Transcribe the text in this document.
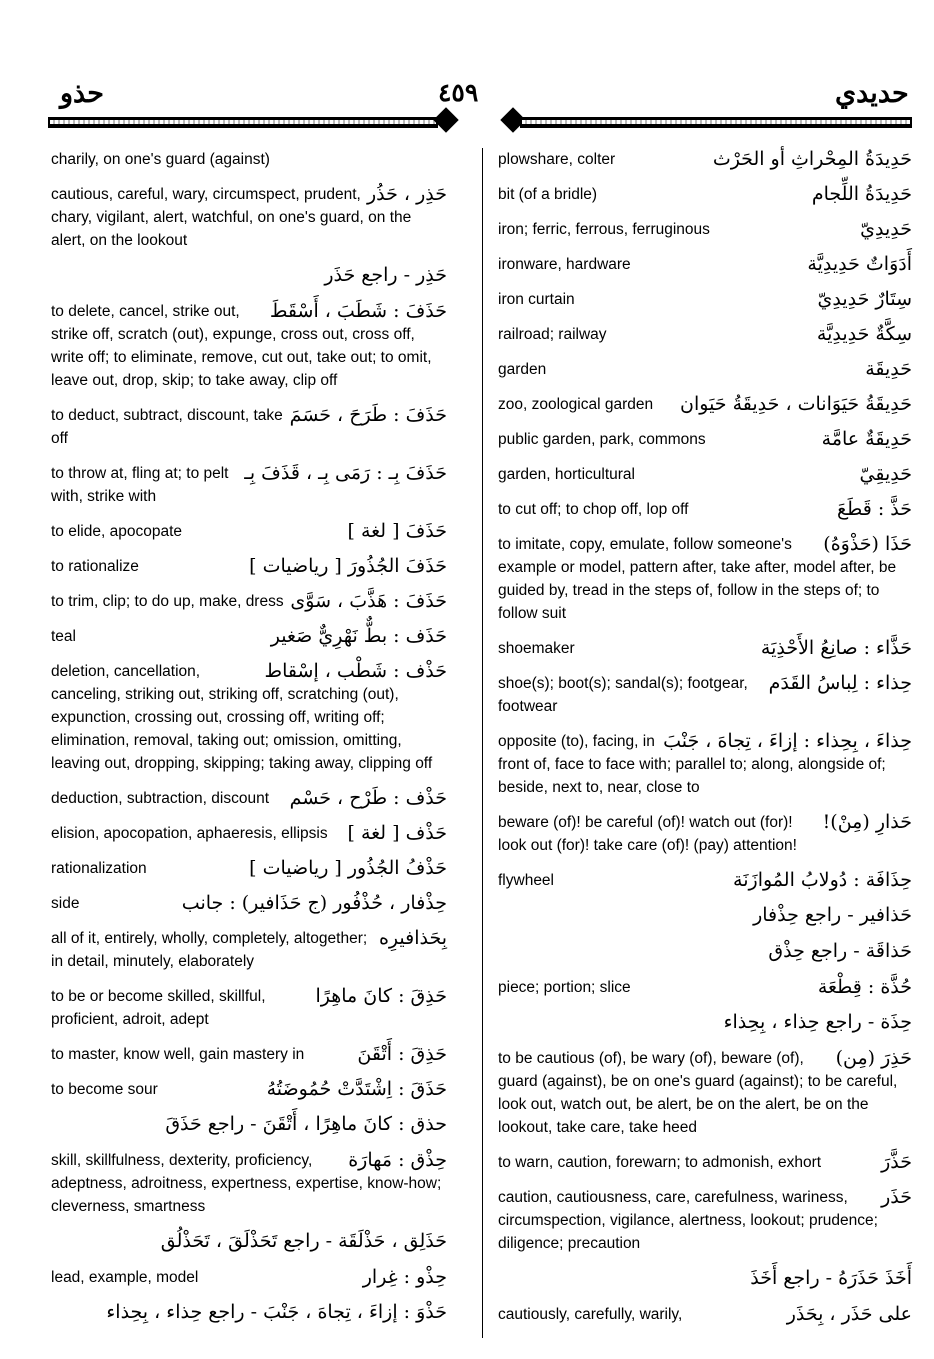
حذو	٤٥٩	حديدي
charily, on one's guard (against)
حَذِر ، حَذُر
cautious, careful, wary, circumspect, prudent, chary, vigilant, alert, watchful, on one's guard, on the alert, on the lookout
حَذِر - راجع حَذَر
حَذَفَ : شَطَبَ ، أَسْقَطَ
to delete, cancel, strike out, strike off, scratch (out), expunge, cross out, cross off, write off; to eliminate, remove, cut out, take out; to omit, leave out, drop, skip; to take away, clip off
حَذَفَ : طَرَحَ ، حَسَمَ
to deduct, subtract, discount, take off
حَذَفَ بِـ : رَمَى بِـ ، قَذَفَ بِـ
to throw at, fling at; to pelt with, strike with
حَذَفَ [ لغة ]
to elide, apocopate
حَذَفَ الجُذُورَ [ رياضيات ]
to rationalize
حَذَفَ : هَذَّبَ ، سَوَّى
to trim, clip; to do up, make, dress
حَذَف : بطٌّ نَهْرِيٌّ صَغير
teal
حَذْف : شَطْب ، إسْقاط
deletion, cancellation, canceling, striking out, striking off, scratching (out), expunction, crossing out, crossing off, writing off; elimination, removal, taking out; omission, omitting, leaving out, dropping, skipping; taking away, clipping off
حَذْف : طَرْح ، حَسْم
deduction, subtraction, discount
حَذْف [ لغة ]
elision, apocopation, aphaeresis, ellipsis
حَذْفُ الجُذُور [ رياضيات ]
rationalization
حِذْفار ، حُذْفُور (ج حَذَافير) : جانب
side
بِحَذافيرِه
all of it, entirely, wholly, completely, altogether; in detail, minutely, elaborately
حَذِقَ : كانَ ماهِرًا
to be or become skilled, skillful, proficient, adroit, adept
حَذِقَ : أَتْقَنَ
to master, know well, gain mastery in
حَذَقَ : اِشْتَدَّتْ حُمُوضَتُهُ
to become sour
حذق : كانَ ماهِرًا ، أَتْقَنَ - راجع حَذَقَ
حِذْق : مَهارَة
skill, skillfulness, dexterity, proficiency, adeptness, adroitness, expertness, expertise, know-how; cleverness, smartness
حَذَلِق ، حَذْلَقَة - راجع تَحَذْلَقَ ، تَحَذْلُق
حِذْو : غِرار
lead, example, model
حَذْوَ : إزاءَ ، تِجاهَ ، جَنْبَ - راجع حِذاء ، بِحِذاء
حَدِيدَةُ المِحْراثِ أو الحَرْث
plowshare, colter
حَدِيدَةُ اللِّجام
bit (of a bridle)
حَدِيدِيّ
iron; ferric, ferrous, ferruginous
أَدَوَاتٌ حَدِيدِيَّة
ironware, hardware
سِتَارٌ حَدِيدِيّ
iron curtain
سِكَّةٌ حَدِيدِيَّة
railroad; railway
حَدِيقَة
garden
حَدِيقَةُ حَيَوَانات ، حَدِيقَةُ حَيَوان
zoo, zoological garden
حَدِيقَةٌ عامَّة
public garden, park, commons
حَدِيقِيّ
garden, horticultural
حَذَّ : قَطَعَ
to cut off; to chop off, lop off
حَذَا (حَذْوَهُ)
to imitate, copy, emulate, follow someone's example or model, pattern after, take after, model after, be guided by, tread in the steps of, follow in the steps of; to follow suit
حَذَّاء : صانِعُ الأَحْذِيَة
shoemaker
حِذاء : لِباسُ القَدَم
shoe(s); boot(s); sandal(s); footgear, footwear
حِذاءَ ، بِحِذاء : إزاءَ ، تِجاهَ ، جَنْبَ
opposite (to), facing, in front of, face to face with; parallel to; along, alongside of; beside, next to, near, close to
حَذارِ (مِنْ)!
beware (of)! be careful (of)! watch out (for)! look out (for)! take care (of)! (pay) attention!
حِذَافَة : دُولابُ المُوازَنَة
flywheel
حَذافير - راجع حِذْفار
حَذاقَة - راجع حِذْق
حُذَّة : قِطْعَة
piece; portion; slice
حِذَة - راجع حِذاء ، بِحِذاء
حَذِرَ (مِن)
to be cautious (of), be wary (of), beware (of), guard (against), be on one's guard (against); to be careful, look out, watch out, be alert, be on the alert, be on the lookout, take care, take heed
حَذَّرَ
to warn, caution, forewarn; to admonish, exhort
حَذَر
caution, cautiousness, care, carefulness, wariness, circumspection, vigilance, alertness, lookout; prudence; diligence; precaution
أَخَذَ حَذَرَهُ - راجع أَخَذَ
على حَذَر ، بِحَذَر
cautiously, carefully, warily,
